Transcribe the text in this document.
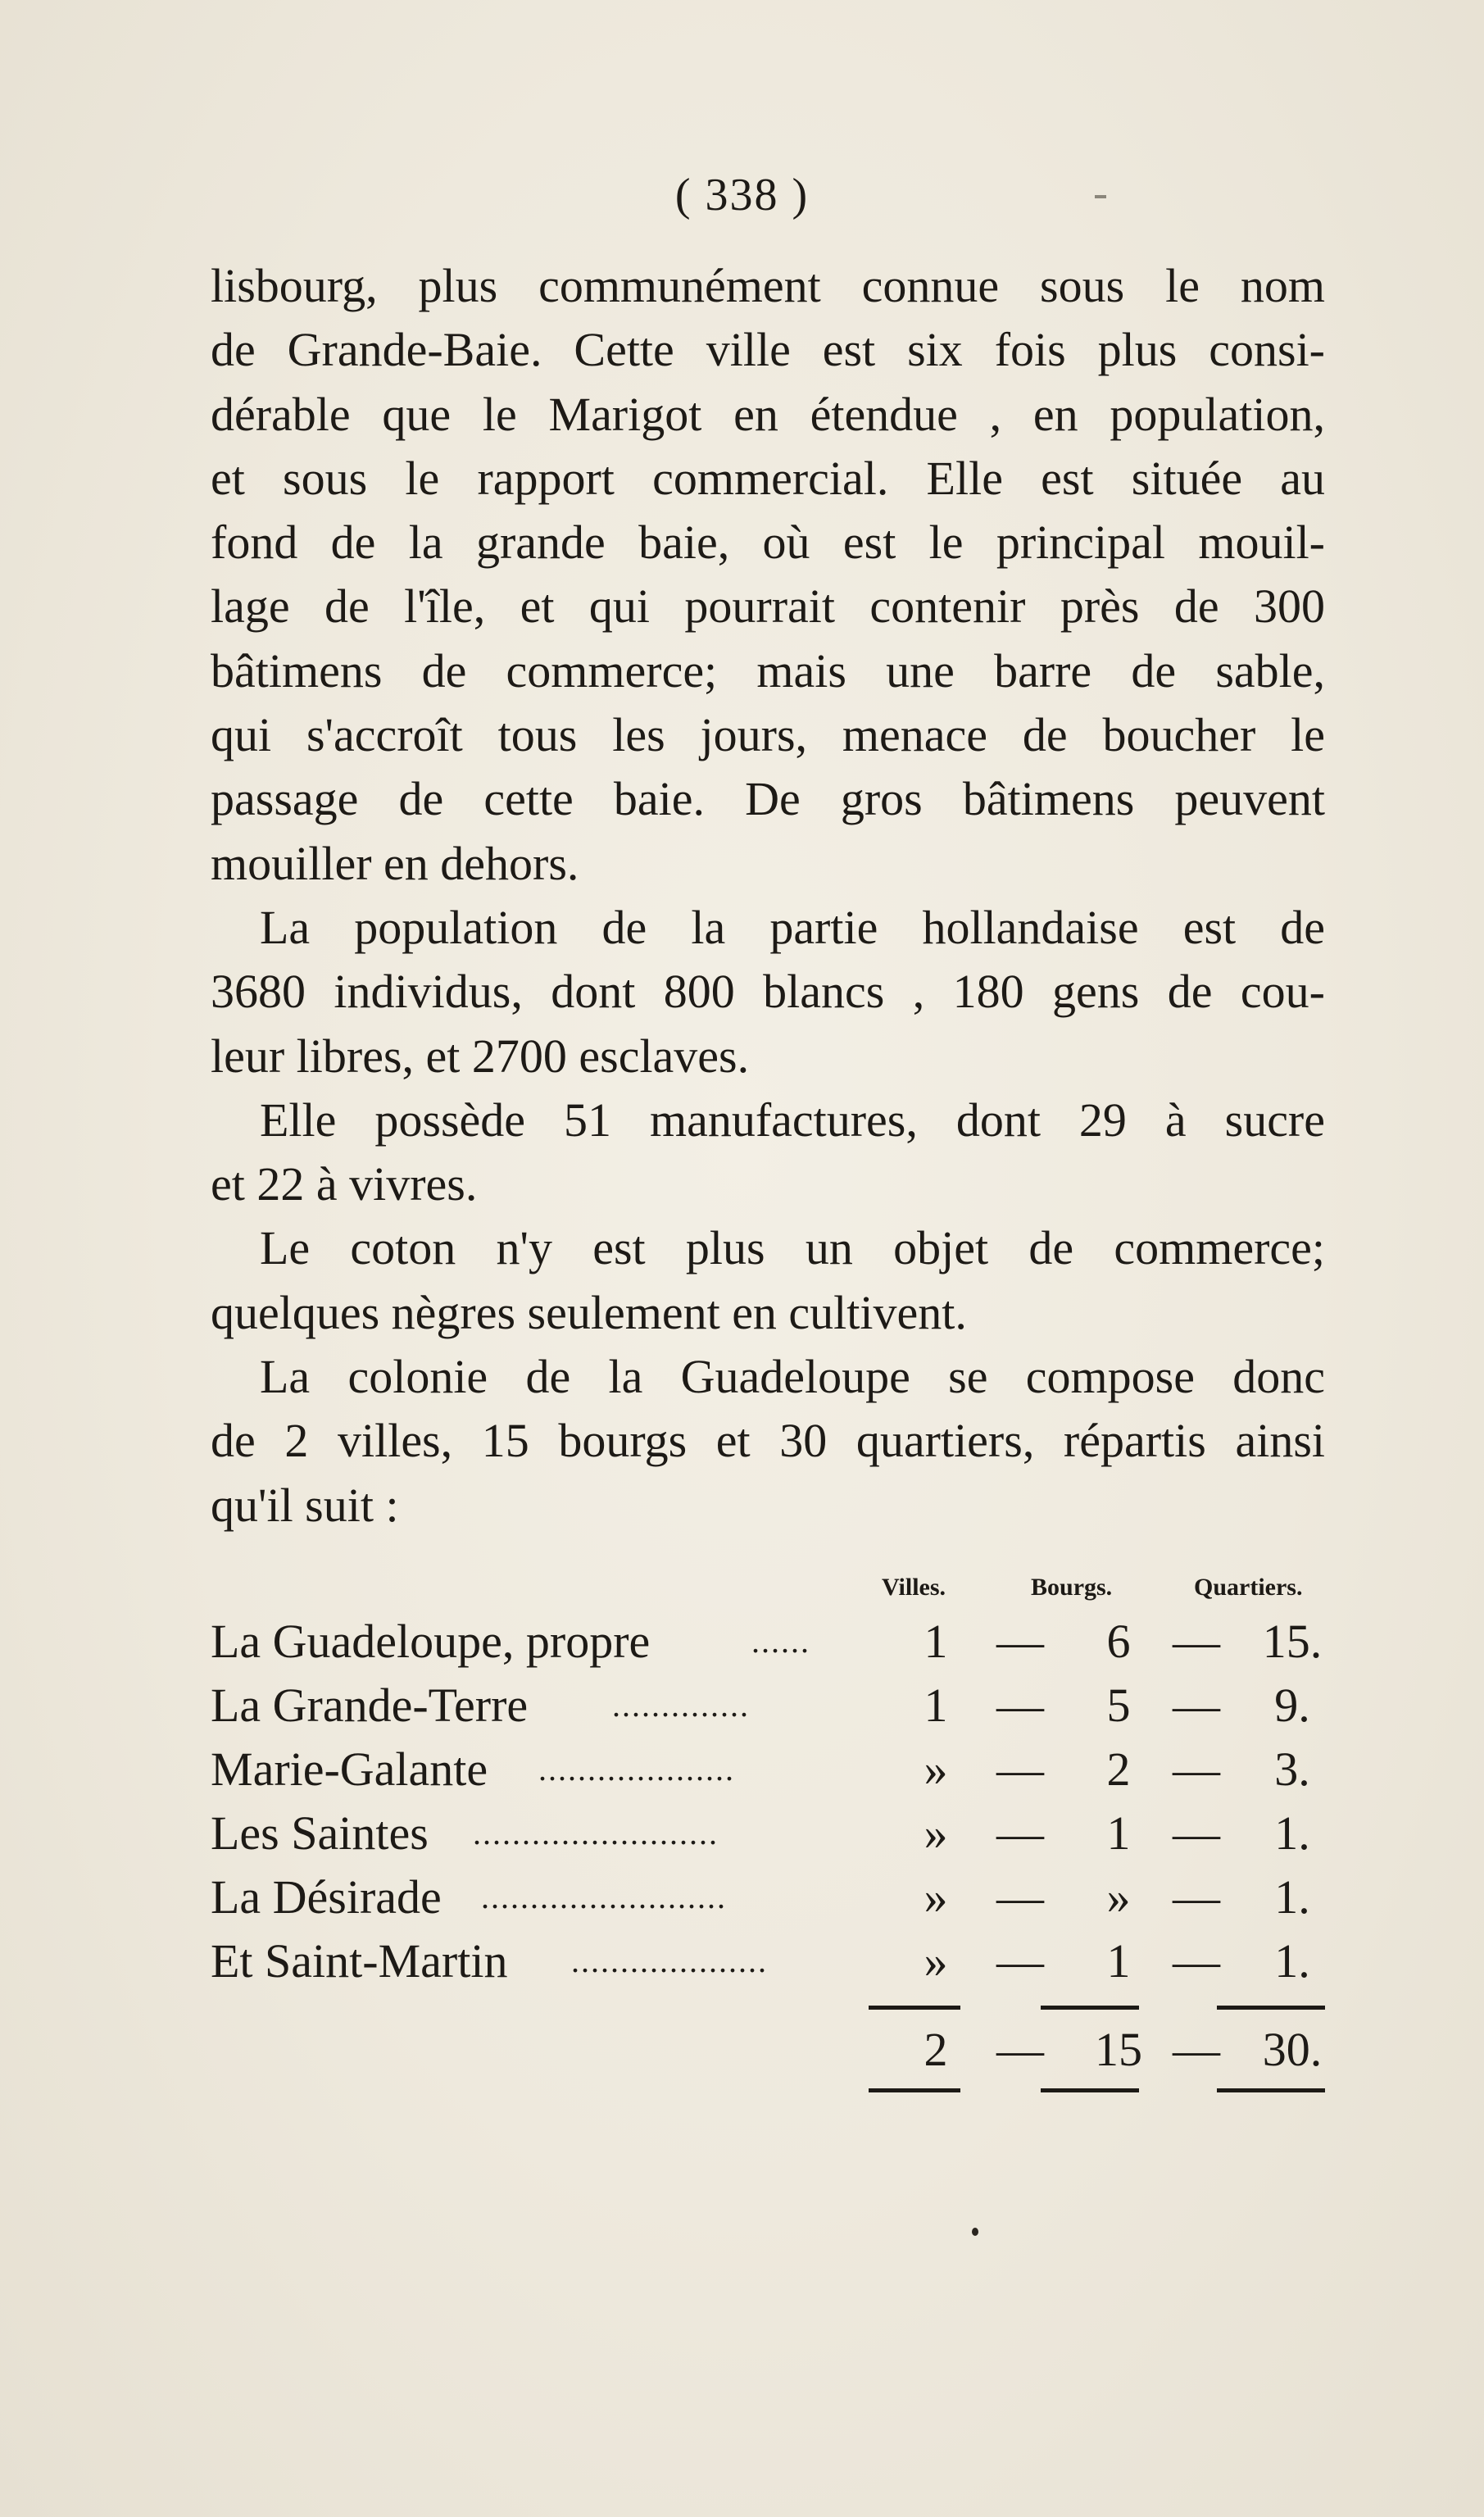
( 338 )
lisbourg, plus communément connue sous le nom
de Grande-Baie. Cette ville est six fois plus consi-
dérable que le Marigot en étendue , en population,
et sous le rapport commercial. Elle est située au
fond de la grande baie, où est le principal mouil-
lage de l'île, et qui pourrait contenir près de 300
bâtimens de commerce; mais une barre de sable,
qui s'accroît tous les jours, menace de boucher le
passage de cette baie. De gros bâtimens peuvent
mouiller en dehors.
La population de la partie hollandaise est de
3680 individus, dont 800 blancs , 180 gens de cou-
leur libres, et 2700 esclaves.
Elle possède 51 manufactures, dont 29 à sucre
et 22 à vivres.
Le coton n'y est plus un objet de commerce;
quelques nègres seulement en cultivent.
La colonie de la Guadeloupe se compose donc
de 2 villes, 15 bourgs et 30 quartiers, répartis ainsi
qu'il suit :
Villes.	Bourgs.	Quartiers.
La Guadeloupe, propre	......	1	—	6 — 15.
La Grande-Terre	..............	1	—	5 —	9.
Marie-Galante ....................	»	—	2 —	3.
Les Saintes .........................	»	—	1 —	1.
La Désirade .........................	»	—	» —	1.
Et Saint-Martin ....................	»	—	1 —	1.
2	— 15 — 30.
